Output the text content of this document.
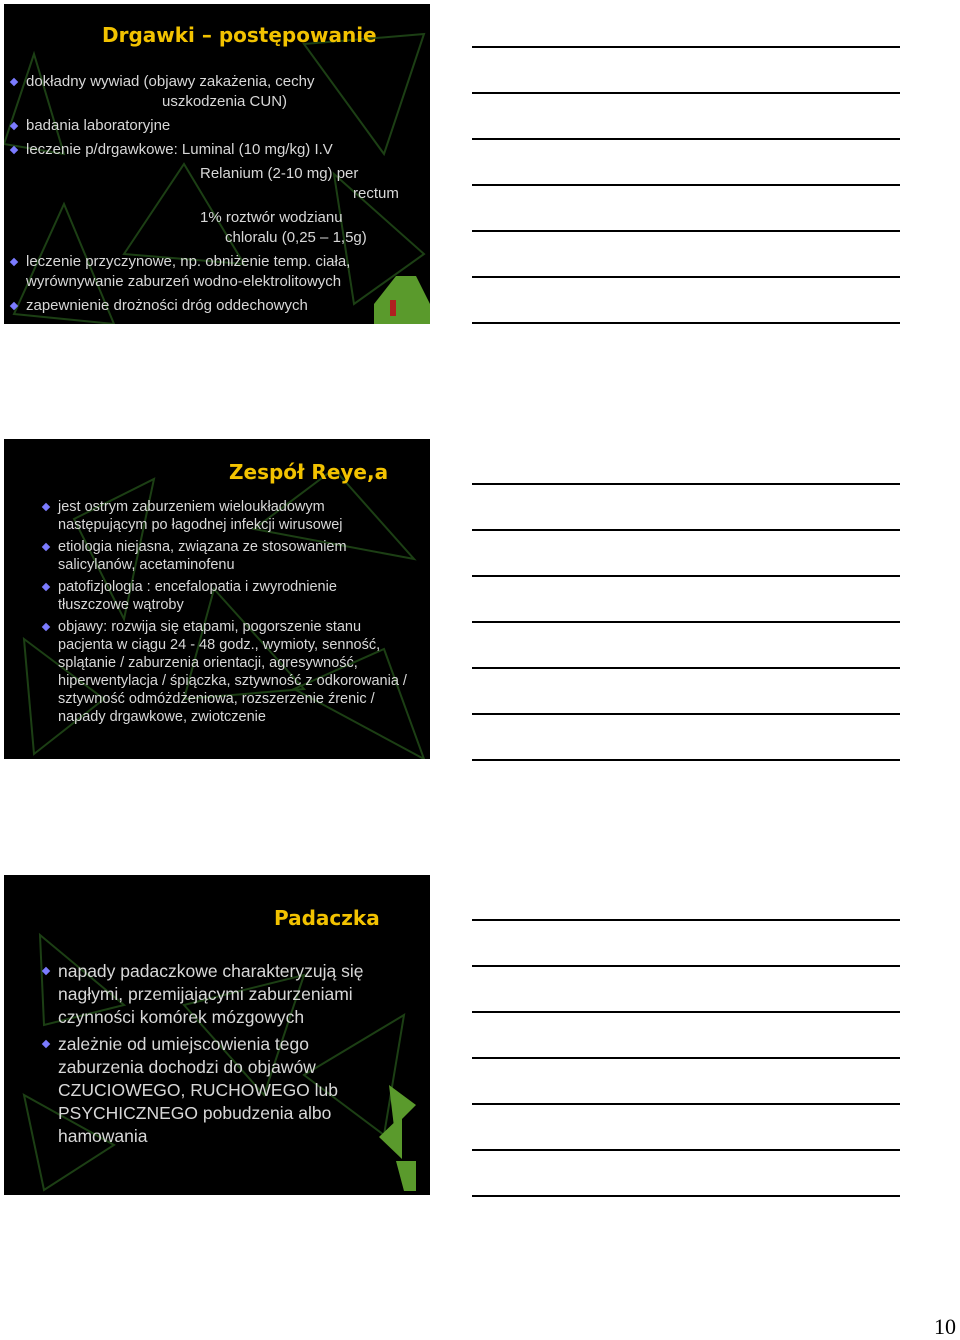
Drgawki – postępowanie
dokładny wywiad (objawy zakażenia, cechy
uszkodzenia CUN)
badania laboratoryjne
leczenie p/drgawkowe: Luminal (10 mg/kg) I.V
Relanium (2-10 mg) per
rectum
1% roztwór wodzianu
chloralu (0,25 – 1,5g)
leczenie przyczynowe, np. obniżenie temp. ciała,
wyrównywanie zaburzeń wodno-elektrolitowych
zapewnienie drożności dróg oddechowych
Zespół Reye,a
jest ostrym zaburzeniem wieloukładowym następującym po łagodnej infekcji wirusowej
etiologia niejasna, związana ze stosowaniem salicylanów, acetaminofenu
patofizjologia : encefalopatia i zwyrodnienie tłuszczowe wątroby
objawy: rozwija się etapami, pogorszenie stanu pacjenta w ciągu 24 - 48 godz., wymioty, senność, splątanie / zaburzenia orientacji, agresywność, hiperwentylacja / śpiączka, sztywność z odkorowania / sztywność odmóżdżeniowa, rozszerzenie źrenic / napady drgawkowe, zwiotczenie
Padaczka
napady padaczkowe charakteryzują się nagłymi, przemijającymi zaburzeniami czynności komórek mózgowych
zależnie od umiejscowienia tego zaburzenia dochodzi do objawów CZUCIOWEGO, RUCHOWEGO lub PSYCHICZNEGO pobudzenia albo hamowania
10
